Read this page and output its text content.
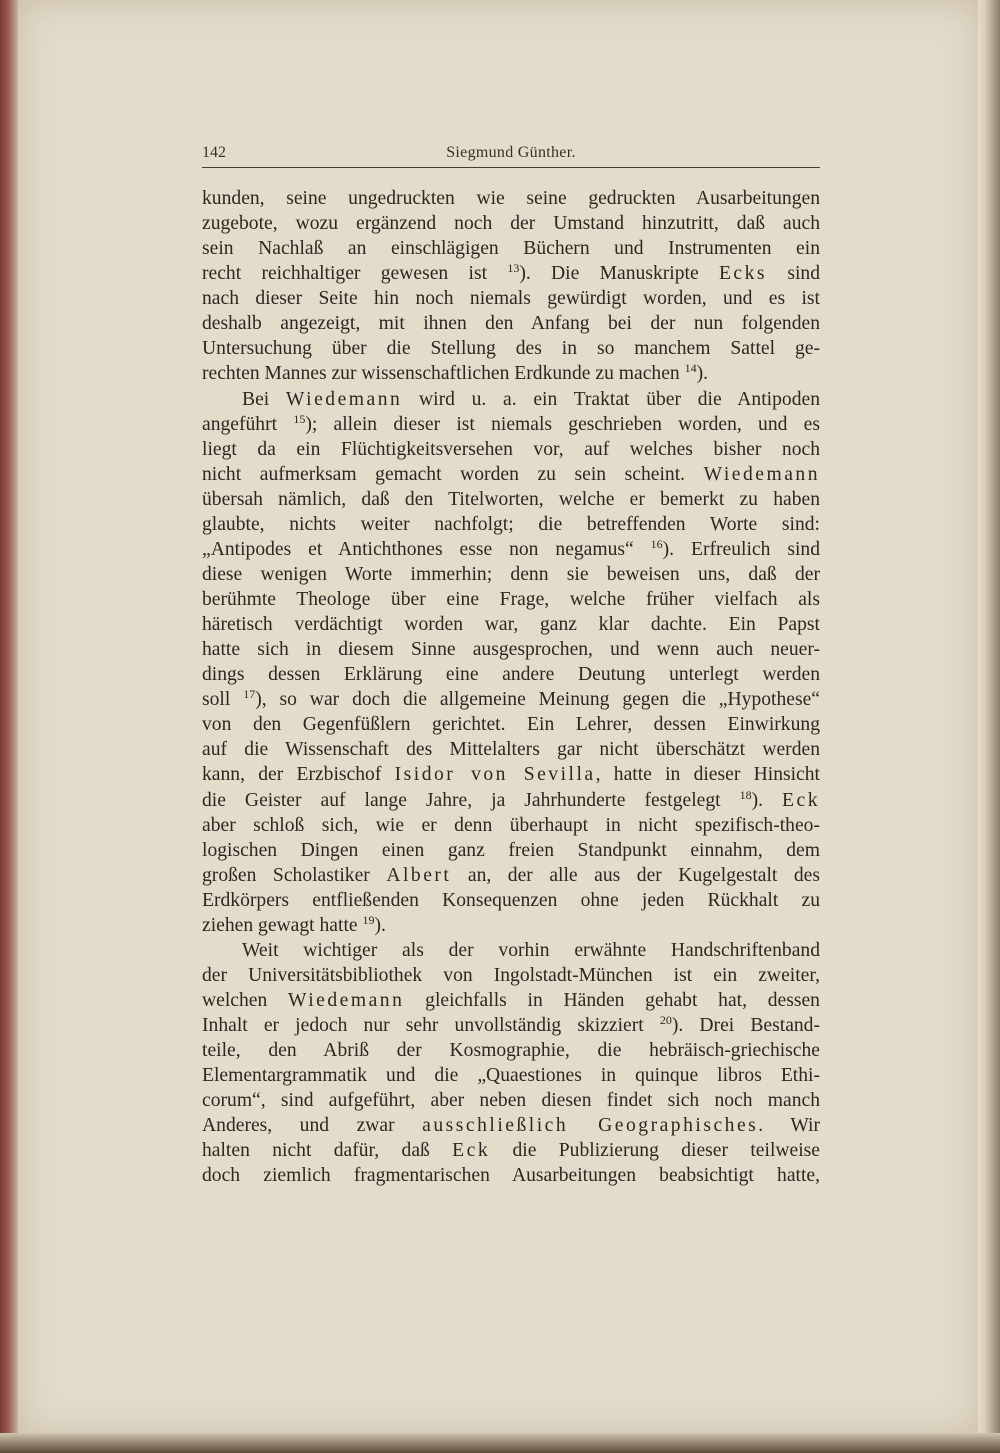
142	Siegmund Günther.
kunden, seine ungedruckten wie seine gedruckten Ausarbeitungen
zugebote, wozu ergänzend noch der Umstand hinzutritt, daß auch
sein Nachlaß an einschlägigen Büchern und Instrumenten ein
recht reichhaltiger gewesen ist $^{13}$). Die Manuskripte Ecks sind
nach dieser Seite hin noch niemals gewürdigt worden, und es ist
deshalb angezeigt, mit ihnen den Anfang bei der nun folgenden
Untersuchung über die Stellung des in so manchem Sattel ge-
rechten Mannes zur wissenschaftlichen Erdkunde zu machen $^{14}$).
Bei Wiedemann wird u. a. ein Traktat über die Antipoden
angeführt $^{15}$); allein dieser ist niemals geschrieben worden, und es
liegt da ein Flüchtigkeitsversehen vor, auf welches bisher noch
nicht aufmerksam gemacht worden zu sein scheint. Wiedemann
übersah nämlich, daß den Titelworten, welche er bemerkt zu haben
glaubte, nichts weiter nachfolgt; die betreffenden Worte sind:
„Antipodes et Antichthones esse non negamus“ $^{16}$). Erfreulich sind
diese wenigen Worte immerhin; denn sie beweisen uns, daß der
berühmte Theologe über eine Frage, welche früher vielfach als
häretisch verdächtigt worden war, ganz klar dachte. Ein Papst
hatte sich in diesem Sinne ausgesprochen, und wenn auch neuer-
dings dessen Erklärung eine andere Deutung unterlegt werden
soll $^{17}$), so war doch die allgemeine Meinung gegen die „Hypothese“
von den Gegenfüßlern gerichtet. Ein Lehrer, dessen Einwirkung
auf die Wissenschaft des Mittelalters gar nicht überschätzt werden
kann, der Erzbischof Isidor von Sevilla, hatte in dieser Hinsicht
die Geister auf lange Jahre, ja Jahrhunderte festgelegt $^{18}$). Eck
aber schloß sich, wie er denn überhaupt in nicht spezifisch-theo-
logischen Dingen einen ganz freien Standpunkt einnahm, dem
großen Scholastiker Albert an, der alle aus der Kugelgestalt des
Erdkörpers entfließenden Konsequenzen ohne jeden Rückhalt zu
ziehen gewagt hatte $^{19}$).
Weit wichtiger als der vorhin erwähnte Handschriftenband
der Universitätsbibliothek von Ingolstadt-München ist ein zweiter,
welchen Wiedemann gleichfalls in Händen gehabt hat, dessen
Inhalt er jedoch nur sehr unvollständig skizziert $^{20}$). Drei Bestand-
teile, den Abriß der Kosmographie, die hebräisch-griechische
Elementargrammatik und die „Quaestiones in quinque libros Ethi-
corum“, sind aufgeführt, aber neben diesen findet sich noch manch
Anderes, und zwar ausschließlich Geographisches. Wir
halten nicht dafür, daß Eck die Publizierung dieser teilweise
doch ziemlich fragmentarischen Ausarbeitungen beabsichtigt hatte,
